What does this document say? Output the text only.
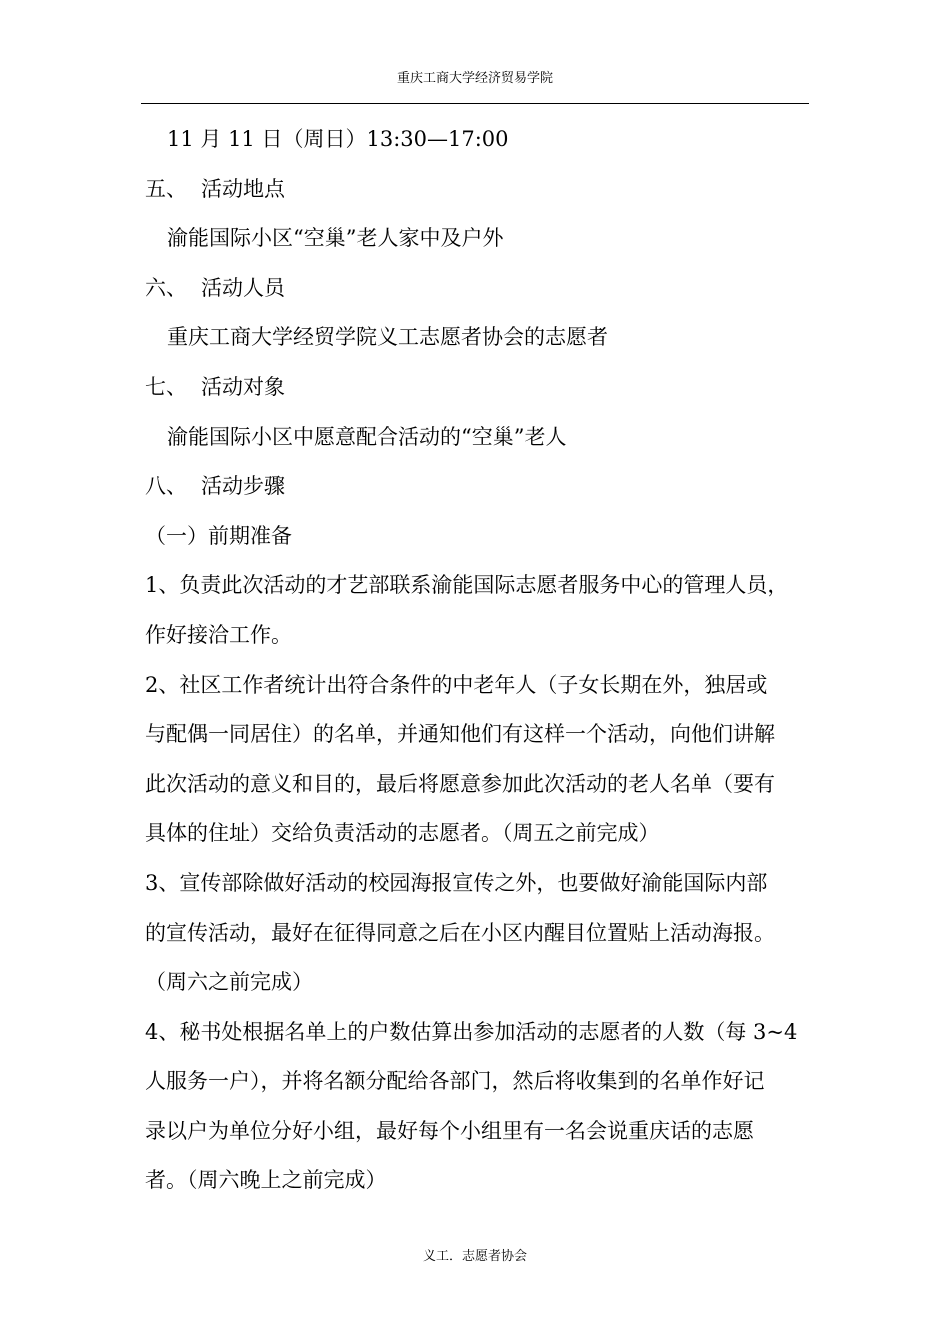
重庆工商大学经济贸易学院
11 月 11 日（周日）13:30—17:00
五、 活动地点
渝能国际小区“空巢”老人家中及户外
六、 活动人员
重庆工商大学经贸学院义工志愿者协会的志愿者
七、 活动对象
渝能国际小区中愿意配合活动的“空巢”老人
八、 活动步骤
（一）前期准备
1、负责此次活动的才艺部联系渝能国际志愿者服务中心的管理人员，
作好接洽工作。
2、社区工作者统计出符合条件的中老年人（子女长期在外，独居或
与配偶一同居住）的名单，并通知他们有这样一个活动，向他们讲解
此次活动的意义和目的，最后将愿意参加此次活动的老人名单（要有
具体的住址）交给负责活动的志愿者。（周五之前完成）
3、宣传部除做好活动的校园海报宣传之外，也要做好渝能国际内部
的宣传活动，最好在征得同意之后在小区内醒目位置贴上活动海报。
（周六之前完成）
4、秘书处根据名单上的户数估算出参加活动的志愿者的人数（每 3~4
人服务一户），并将名额分配给各部门，然后将收集到的名单作好记
录以户为单位分好小组，最好每个小组里有一名会说重庆话的志愿
者。（周六晚上之前完成）
义工．志愿者协会
